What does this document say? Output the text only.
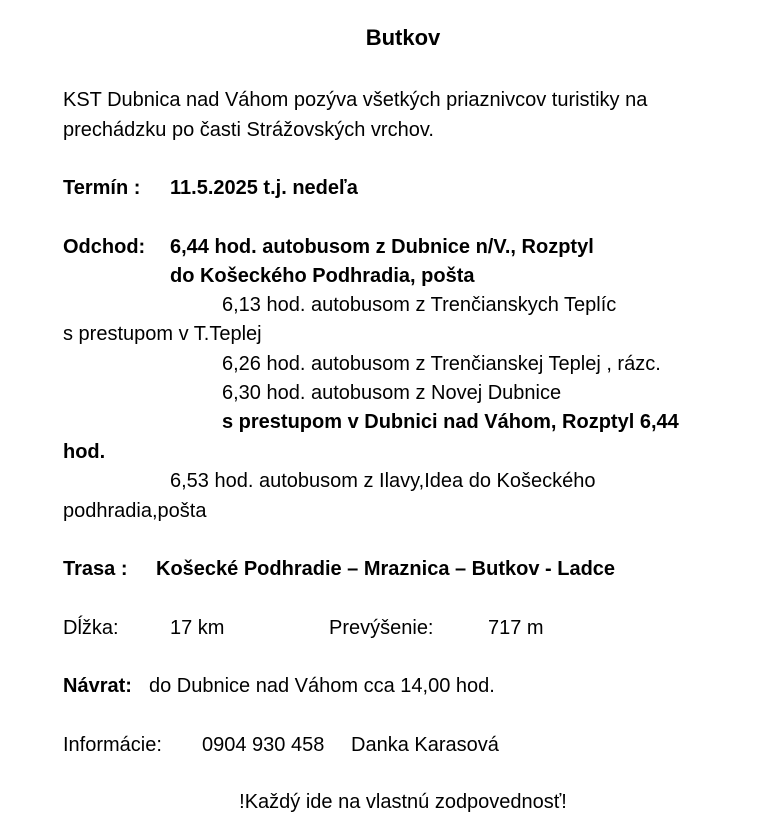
Butkov
KST Dubnica nad Váhom pozýva všetkých priaznivcov turistiky na
prechádzku po časti Strážovských vrchov.
Termín : 11.5.2025 t.j. nedeľa
Odchod: 6,44 hod. autobusom z Dubnice n/V., Rozptyl
do Košeckého Podhradia, pošta
6,13 hod. autobusom z Trenčianskych Teplíc
s prestupom v T.Teplej
6,26 hod. autobusom z Trenčianskej Teplej , rázc.
6,30 hod. autobusom z Novej Dubnice
s prestupom v Dubnici nad Váhom, Rozptyl 6,44
hod.
6,53 hod. autobusom z Ilavy,Idea do Košeckého
podhradia,pošta
Trasa : Košecké Podhradie – Mraznica – Butkov - Ladce
Dĺžka:	17 km	Prevýšenie:	717 m
Návrat: do Dubnice nad Váhom cca 14,00 hod.
Informácie: 0904 930 458 Danka Karasová
!Každý ide na vlastnú zodpovednosť!
